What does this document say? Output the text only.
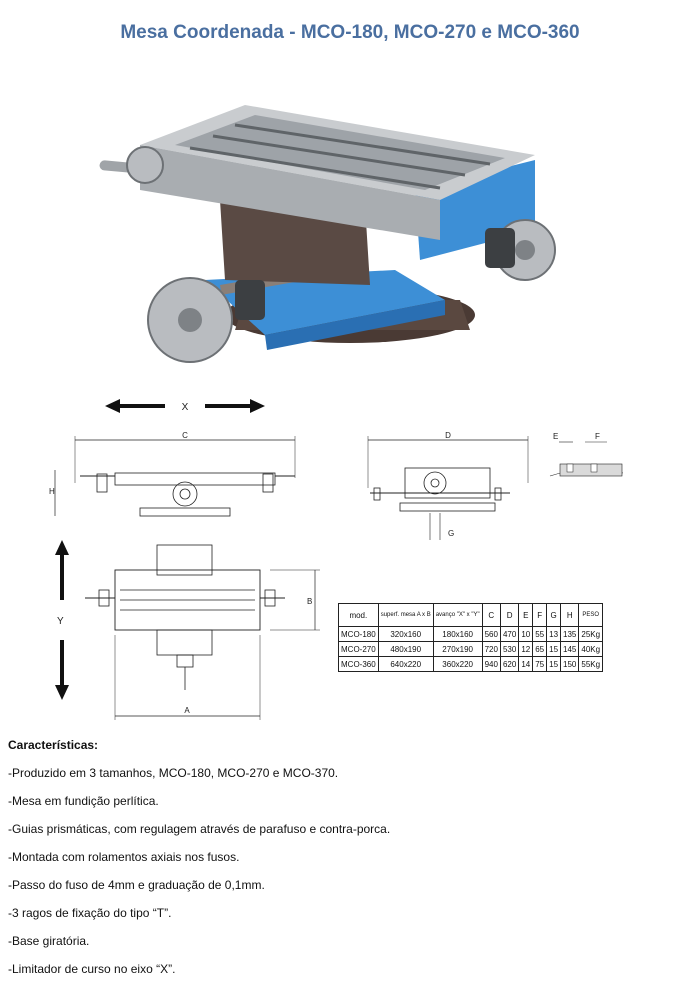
Mesa Coordenada - MCO-180, MCO-270 e MCO-360
X
C
H
D
G
E	F
Y
B
A
mod.	superf. mesa A x B	avanço "X" x "Y"	C	D	E	F	G	H	PESO
MCO-180	320x160	180x160	560	470	10	55	13	135	25Kg
MCO-270	480x190	270x190	720	530	12	65	15	145	40Kg
MCO-360	640x220	360x220	940	620	14	75	15	150	55Kg
Características:
-Produzido em 3 tamanhos, MCO-180, MCO-270 e MCO-370.
-Mesa em fundição perlítica.
-Guias prismáticas, com regulagem através de parafuso e contra-porca.
-Montada com rolamentos axiais nos fusos.
-Passo do fuso de 4mm e graduação de 0,1mm.
-3 ragos de fixação do tipo “T”.
-Base giratória.
-Limitador de curso no eixo “X”.
